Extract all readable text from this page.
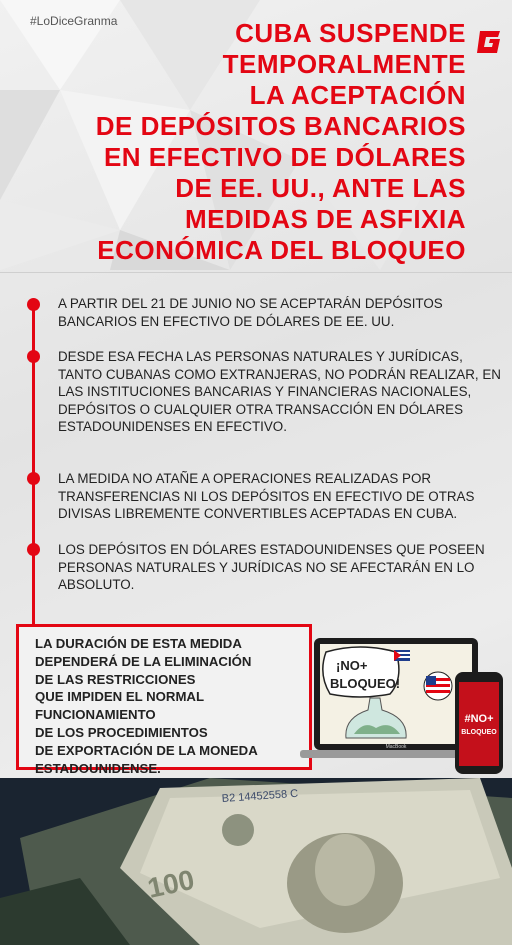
#LoDiceGranma	CUBA SUSPENDE
TEMPORALMENTE
LA ACEPTACIÓN
DE DEPÓSITOS BANCARIOS
EN EFECTIVO DE DÓLARES
DE EE. UU., ANTE LAS
MEDIDAS DE ASFIXIA
ECONÓMICA DEL BLOQUEO
A PARTIR DEL 21 DE JUNIO NO SE ACEPTARÁN DEPÓSITOS BANCARIOS EN EFECTIVO DE DÓLARES DE EE. UU.
DESDE ESA FECHA LAS PERSONAS NATURALES Y JURÍDICAS, TANTO CUBANAS COMO EXTRANJERAS, NO PODRÁN REALIZAR, EN LAS INSTITUCIONES BANCARIAS Y FINANCIERAS NACIONALES, DEPÓSITOS O CUALQUIER OTRA TRANSACCIÓN EN DÓLARES ESTADOUNIDENSES EN EFECTIVO.
LA MEDIDA NO ATAÑE A OPERACIONES REALIZADAS POR TRANSFERENCIAS NI LOS DEPÓSITOS EN EFECTIVO DE OTRAS DIVISAS LIBREMENTE CONVERTIBLES ACEPTADAS EN CUBA.
LOS DEPÓSITOS EN DÓLARES ESTADOUNIDENSES QUE POSEEN PERSONAS NATURALES Y JURÍDICAS NO SE AFECTARÁN EN LO ABSOLUTO.
LA DURACIÓN DE ESTA MEDIDA
DEPENDERÁ DE LA ELIMINACIÓN
DE LAS RESTRICCIONES
QUE IMPIDEN EL NORMAL
FUNCIONAMIENTO
DE LOS PROCEDIMIENTOS
DE EXPORTACIÓN DE LA MONEDA
ESTADOUNIDENSE.
¡NO+
BLOQUEO!
MacBook
#NO+
BLOQUEO
B2 14452558 C
100
